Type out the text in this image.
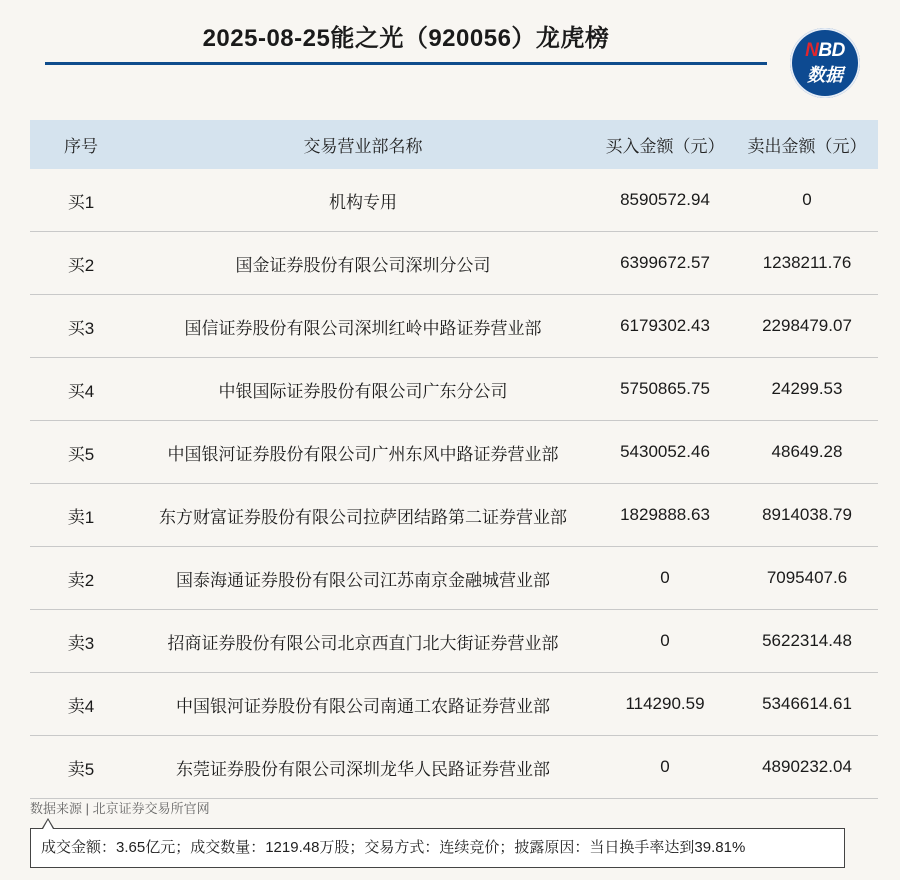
2025-08-25能之光（920056）龙虎榜	NBD
数据
序号	交易营业部名称	买入金额（元）	卖出金额（元）
买1	机构专用	8590572.94	0
买2	国金证券股份有限公司深圳分公司	6399672.57	1238211.76
买3	国信证券股份有限公司深圳红岭中路证券营业部	6179302.43	2298479.07
买4	中银国际证券股份有限公司广东分公司	5750865.75	24299.53
买5	中国银河证券股份有限公司广州东风中路证券营业部	5430052.46	48649.28
卖1	东方财富证券股份有限公司拉萨团结路第二证券营业部	1829888.63	8914038.79
卖2	国泰海通证券股份有限公司江苏南京金融城营业部	0	7095407.6
卖3	招商证券股份有限公司北京西直门北大街证券营业部	0	5622314.48
卖4	中国银河证券股份有限公司南通工农路证券营业部	114290.59	5346614.61
卖5	东莞证券股份有限公司深圳龙华人民路证券营业部	0	4890232.04
数据来源 | 北京证券交易所官网
成交金额：3.65亿元；成交数量：1219.48万股；交易方式：连续竞价；披露原因：当日换手率达到39.81%
